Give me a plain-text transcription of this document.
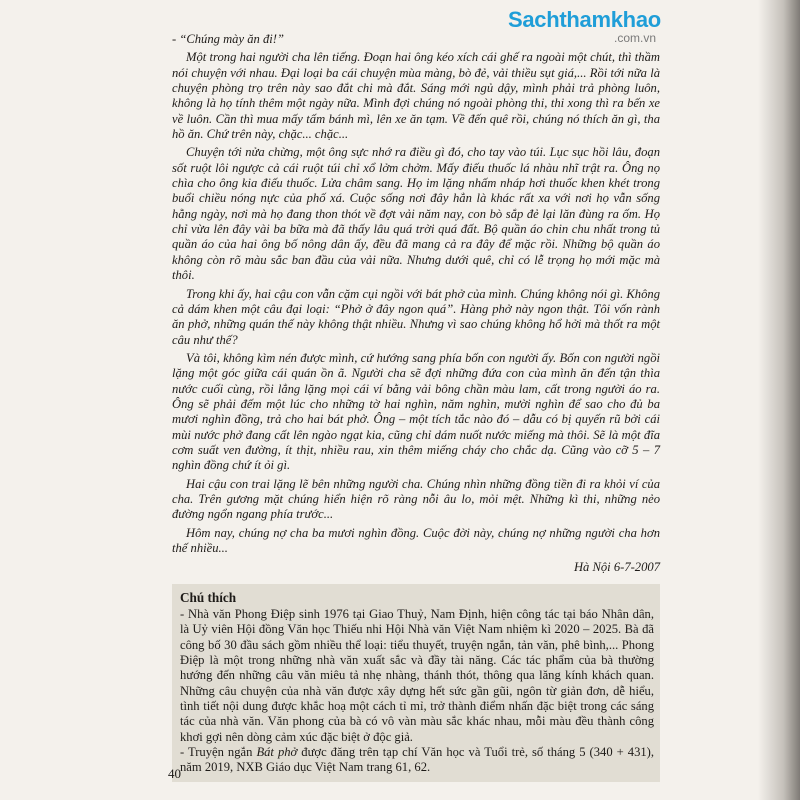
Sachthamkhao
.com.vn

- “Chúng mày ăn đi!”

Một trong hai người cha lên tiếng. Đoạn hai ông kéo xích cái ghế ra ngoài một chút, thì thầm nói chuyện với nhau. Đại loại ba cái chuyện mùa màng, bò đẻ, vải thiều sụt giá,... Rồi tới nữa là chuyện phòng trọ trên này sao đắt chi mà đắt. Sáng mới ngủ dậy, mình phải trả phòng luôn, không là họ tính thêm một ngày nữa. Mình đợi chúng nó ngoài phòng thi, thi xong thì ra bến xe về luôn. Cần thì mua mấy tấm bánh mì, lên xe ăn tạm. Về đến quê rồi, chúng nó thích ăn gì, tha hồ ăn. Chứ trên này, chặc... chặc...

Chuyện tới nửa chừng, một ông sực nhớ ra điều gì đó, cho tay vào túi. Lục sục hồi lâu, đoạn sốt ruột lôi ngược cả cái ruột túi chỉ xổ lởm chởm. Mấy điếu thuốc lá nhàu nhĩ trật ra. Ông nọ chìa cho ông kia điếu thuốc. Lửa châm sang. Họ im lặng nhấm nháp hơi thuốc khen khét trong buổi chiều nóng nực của phố xá. Cuộc sống nơi đây hẳn là khác rất xa với nơi họ vẫn sống hằng ngày, nơi mà họ đang thon thót về đợt vải năm nay, con bò sắp đẻ lại lăn đùng ra ốm. Họ chỉ vừa lên đây vài ba bữa mà đã thấy lâu quá trời quá đất. Bộ quần áo chin chu nhất trong tủ quần áo của hai ông bố nông dân ấy, đều đã mang cả ra đây để mặc rồi. Những bộ quần áo không còn rõ màu sắc ban đầu của vải nữa. Nhưng dưới quê, chỉ có lễ trọng họ mới mặc mà thôi.

Trong khi ấy, hai cậu con vẫn cặm cụi ngồi với bát phở của mình. Chúng không nói gì. Không cả dám khen một câu đại loại: “Phở ở đây ngon quá”. Hàng phở này ngon thật. Tôi vốn rành ăn phở, những quán thế này không thật nhiều. Nhưng vì sao chúng không hổ hởi mà thốt ra một câu như thế?

Và tôi, không kìm nén được mình, cứ hướng sang phía bốn con người ấy. Bốn con người ngồi lặng một góc giữa cái quán ồn ã. Người cha sẽ đợi những đứa con của mình ăn đến tận thìa nước cuối cùng, rồi lẳng lặng mọi cái ví bằng vải bông chần màu lam, cất trong người áo ra. Ông sẽ phải đếm một lúc cho những tờ hai nghìn, năm nghìn, mười nghìn để sao cho đủ ba mươi nghìn đồng, trả cho hai bát phở. Ông – một tích tắc nào đó – dẫu có bị quyến rũ bởi cái mùi nước phở đang cất lên ngào ngạt kia, cũng chỉ dám nuốt nước miếng mà thôi. Sẽ là một đĩa cơm suất ven đường, ít thịt, nhiều rau, xin thêm miếng cháy cho chắc dạ. Cũng vào cỡ 5 – 7 nghìn đồng chứ ít ỏi gì.

Hai cậu con trai lặng lẽ bên những người cha. Chúng nhìn những đồng tiền đi ra khỏi ví của cha. Trên gương mặt chúng hiển hiện rõ ràng nỗi âu lo, mỏi mệt. Những kì thi, những nẻo đường ngổn ngang phía trước...

Hôm nay, chúng nợ cha ba mươi nghìn đồng. Cuộc đời này, chúng nợ những người cha hơn thế nhiều...

Hà Nội 6-7-2007

Chú thích

- Nhà văn Phong Điệp sinh 1976 tại Giao Thuỷ, Nam Định, hiện công tác tại báo Nhân dân, là Uỷ viên Hội đồng Văn học Thiếu nhi Hội Nhà văn Việt Nam nhiệm kì 2020 – 2025. Bà đã công bố 30 đầu sách gồm nhiều thể loại: tiểu thuyết, truyện ngắn, tản văn, phê bình,... Phong Điệp là một trong những nhà văn xuất sắc và đầy tài năng. Các tác phẩm của bà thường hướng đến những câu văn miêu tả nhẹ nhàng, thánh thót, thông qua lăng kính khách quan. Những câu chuyện của nhà văn được xây dựng hết sức gần gũi, ngôn từ giản đơn, dễ hiểu, tình tiết nội dung được khắc hoạ một cách tỉ mỉ, trở thành điểm nhấn đặc biệt trong các sáng tác của nhà văn. Văn phong của bà có vô vàn màu sắc khác nhau, mỗi màu đều thành công khơi gợi nên dòng cảm xúc đặc biệt ở độc giả.

- Truyện ngắn Bát phở được đăng trên tạp chí Văn học và Tuổi trẻ, số tháng 5 (340 + 431), năm 2019, NXB Giáo dục Việt Nam trang 61, 62.

40
